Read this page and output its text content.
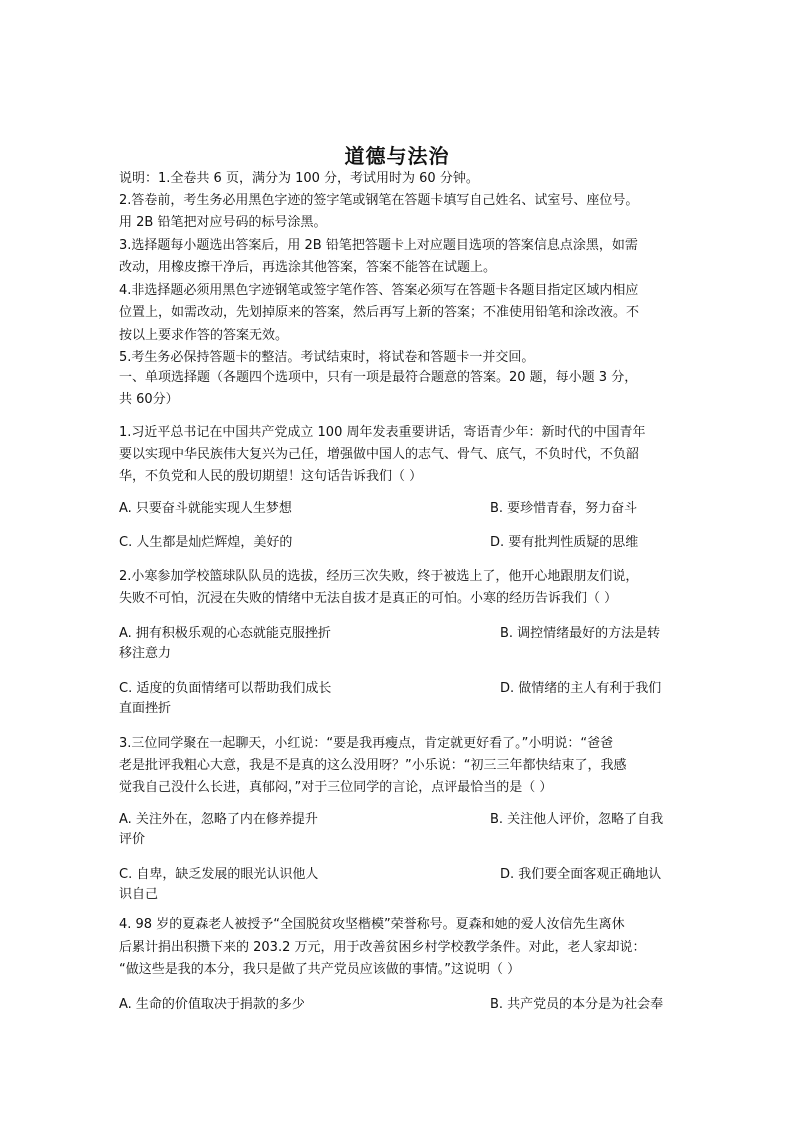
道德与法治
说明：1.全卷共 6 页，满分为 100 分，考试用时为 60 分钟。
2.答卷前，考生务必用黑色字迹的签字笔或钢笔在答题卡填写自己姓名、试室号、座位号。
用 2B 铅笔把对应号码的标号涂黑。
3.选择题每小题选出答案后，用 2B 铅笔把答题卡上对应题目选项的答案信息点涂黑，如需
改动，用橡皮擦干净后，再选涂其他答案，答案不能答在试题上。
4.非选择题必须用黑色字迹钢笔或签字笔作答、答案必须写在答题卡各题目指定区域内相应
位置上，如需改动，先划掉原来的答案，然后再写上新的答案；不准使用铅笔和涂改液。不
按以上要求作答的答案无效。
5.考生务必保持答题卡的整洁。考试结束时，将试卷和答题卡一并交回。
一、单项选择题（各题四个选项中，只有一项是最符合题意的答案。20 题，每小题 3 分，
共 60分）
1.习近平总书记在中国共产党成立 100 周年发表重要讲话，寄语青少年：新时代的中国青年
要以实现中华民族伟大复兴为己任，增强做中国人的志气、骨气、底气，不负时代，不负韶
华，不负党和人民的殷切期望！这句话告诉我们（ ）
A. 只要奋斗就能实现人生梦想	B. 要珍惜青春，努力奋斗
C. 人生都是灿烂辉煌，美好的	D. 要有批判性质疑的思维
2.小寒参加学校篮球队队员的选拔，经历三次失败，终于被选上了，他开心地跟朋友们说，
失败不可怕，沉浸在失败的情绪中无法自拔才是真正的可怕。小寒的经历告诉我们（ ）
A. 拥有积极乐观的心态就能克服挫折	B. 调控情绪最好的方法是转
移注意力
C. 适度的负面情绪可以帮助我们成长	D. 做情绪的主人有利于我们
直面挫折
3.三位同学聚在一起聊天，小红说：“要是我再瘦点，肯定就更好看了。”小明说：“爸爸
老是批评我粗心大意，我是不是真的这么没用呀？”小乐说：“初三三年都快结束了，我感
觉我自己没什么长进，真郁闷，”对于三位同学的言论，点评最恰当的是（ ）
A. 关注外在，忽略了内在修养提升	B. 关注他人评价，忽略了自我
评价
C. 自卑，缺乏发展的眼光认识他人	D. 我们要全面客观正确地认
识自己
4. 98 岁的夏森老人被授予“全国脱贫攻坚楷模”荣誉称号。夏森和她的爱人汝信先生离休
后累计捐出积攒下来的 203.2 万元，用于改善贫困乡村学校教学条件。对此，老人家却说：
“做这些是我的本分，我只是做了共产党员应该做的事情。”这说明（ ）
A. 生命的价值取决于捐款的多少	B. 共产党员的本分是为社会奉
